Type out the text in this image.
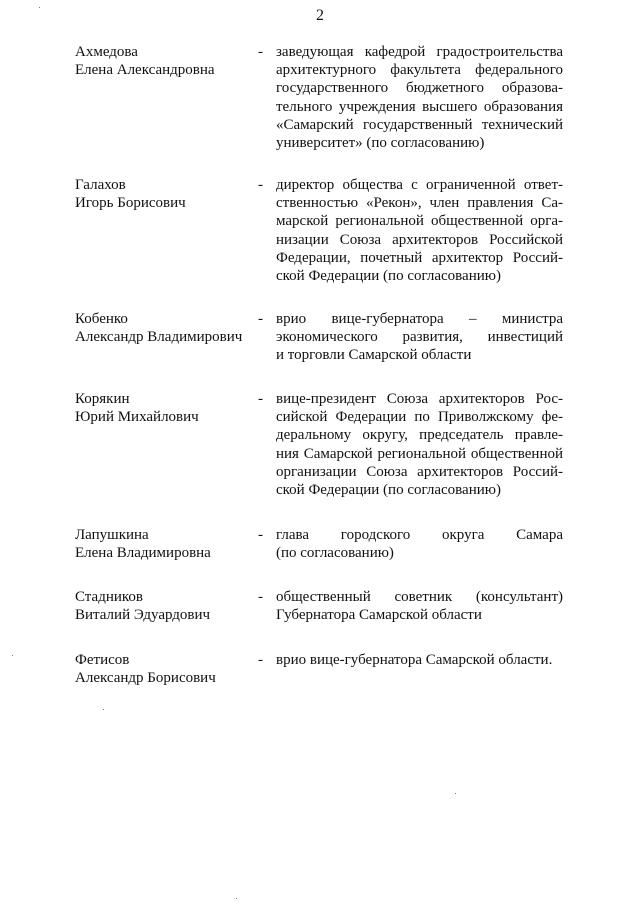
2
Ахмедова
Елена Александровна
- заведующая кафедрой градостроительства
архитектурного факультета федерального
государственного бюджетного образова-
тельного учреждения высшего образования
«Самарский государственный технический
университет» (по согласованию)
Галахов
Игорь Борисович
- директор общества с ограниченной ответ-
ственностью «Рекон», член правления Са-
марской региональной общественной орга-
низации Союза архитекторов Российской
Федерации, почетный архитектор Россий-
ской Федерации (по согласованию)
Кобенко
Александр Владимирович
- врио вице-губернатора – министра
экономического развития, инвестиций
и торговли Самарской области
Корякин
Юрий Михайлович
- вице-президент Союза архитекторов Рос-
сийской Федерации по Приволжскому фе-
деральному округу, председатель правле-
ния Самарской региональной общественной
организации Союза архитекторов Россий-
ской Федерации (по согласованию)
Лапушкина
Елена Владимировна
- глава городского округа Самара
(по согласованию)
Стадников
Виталий Эдуардович
- общественный советник (консультант)
Губернатора Самарской области
Фетисов
Александр Борисович
- врио вице-губернатора Самарской области.
